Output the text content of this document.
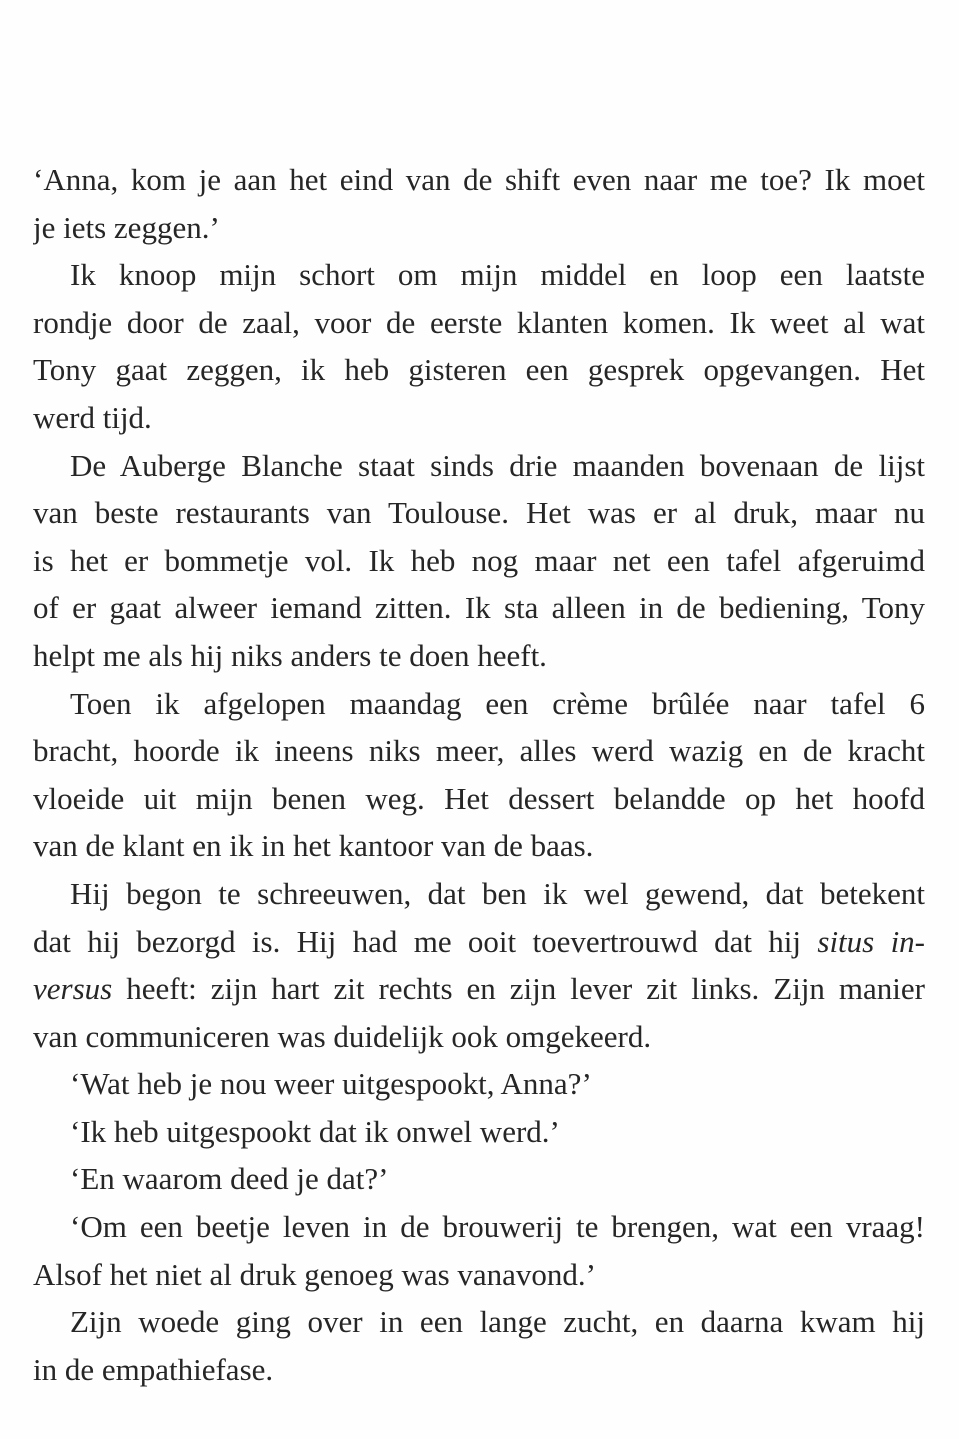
‘Anna, kom je aan het eind van de shift even naar me toe? Ik moet
je iets zeggen.’

Ik knoop mijn schort om mijn middel en loop een laatste
rondje door de zaal, voor de eerste klanten komen. Ik weet al wat
Tony gaat zeggen, ik heb gisteren een gesprek opgevangen. Het
werd tijd.

De Auberge Blanche staat sinds drie maanden bovenaan de lijst
van beste restaurants van Toulouse. Het was er al druk, maar nu
is het er bommetje vol. Ik heb nog maar net een tafel afgeruimd
of er gaat alweer iemand zitten. Ik sta alleen in de bediening, Tony
helpt me als hij niks anders te doen heeft.

Toen ik afgelopen maandag een crème brûlée naar tafel 6
bracht, hoorde ik ineens niks meer, alles werd wazig en de kracht
vloeide uit mijn benen weg. Het dessert belandde op het hoofd
van de klant en ik in het kantoor van de baas.

Hij begon te schreeuwen, dat ben ik wel gewend, dat betekent
dat hij bezorgd is. Hij had me ooit toevertrouwd dat hij situs in-
versus heeft: zijn hart zit rechts en zijn lever zit links. Zijn manier
van communiceren was duidelijk ook omgekeerd.

‘Wat heb je nou weer uitgespookt, Anna?’

‘Ik heb uitgespookt dat ik onwel werd.’

‘En waarom deed je dat?’

‘Om een beetje leven in de brouwerij te brengen, wat een vraag!
Alsof het niet al druk genoeg was vanavond.’

Zijn woede ging over in een lange zucht, en daarna kwam hij
in de empathiefase.
